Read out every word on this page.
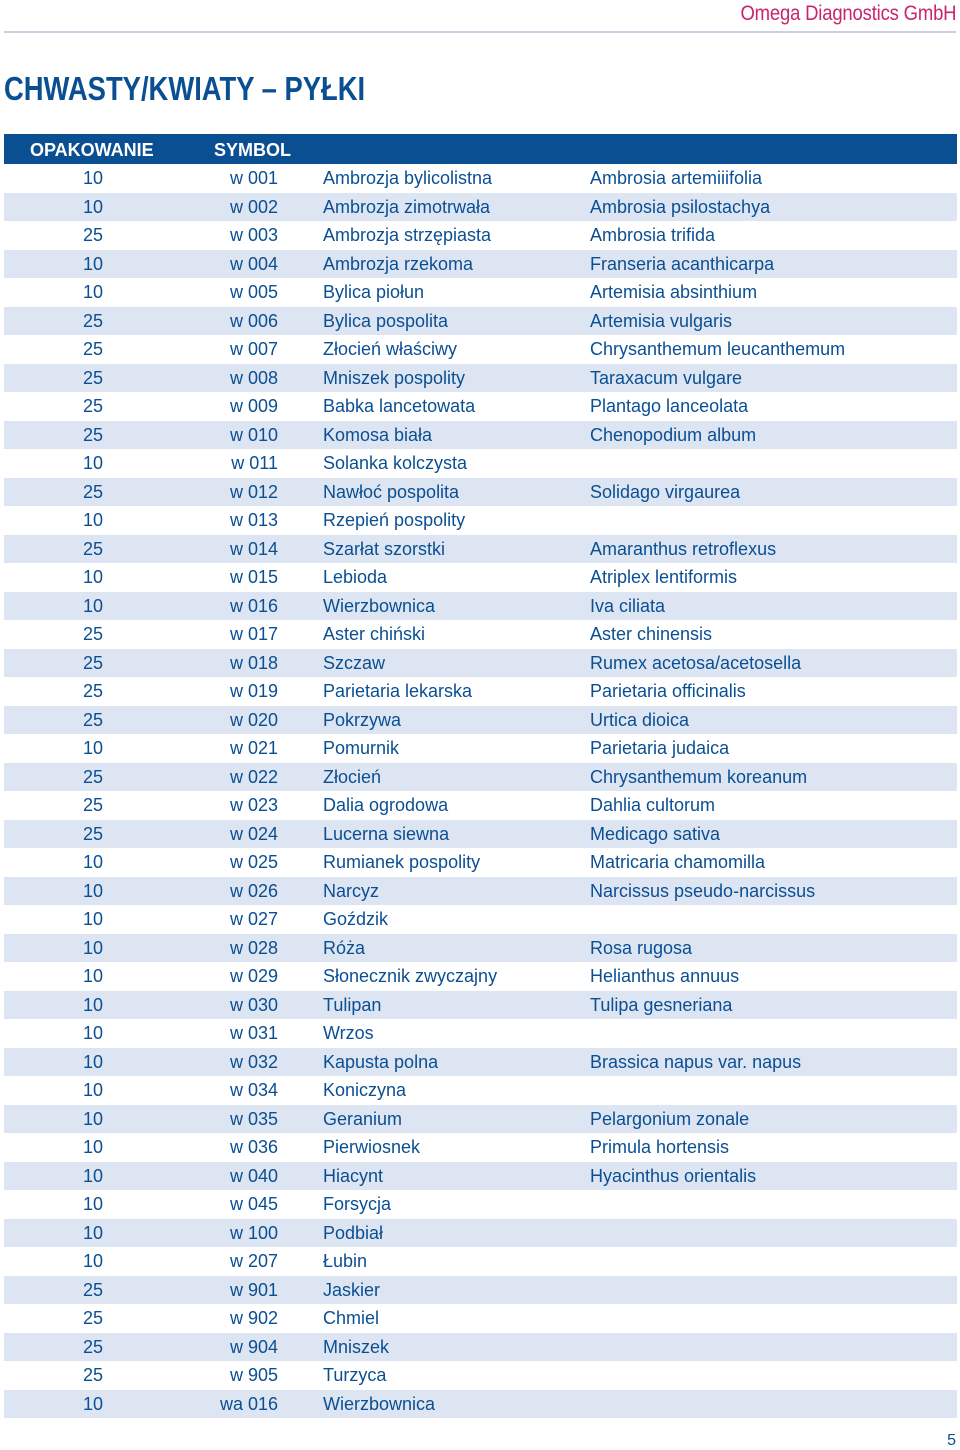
Omega Diagnostics GmbH
CHWASTY/KWIATY – PYŁKI
OPAKOWANIE	SYMBOL
10	w 001	Ambrozja bylicolistna	Ambrosia artemiiifolia
10	w 002	Ambrozja zimotrwała	Ambrosia psilostachya
25	w 003	Ambrozja strzępiasta	Ambrosia trifida
10	w 004	Ambrozja rzekoma	Franseria acanthicarpa
10	w 005	Bylica piołun	Artemisia absinthium
25	w 006	Bylica pospolita	Artemisia vulgaris
25	w 007	Złocień właściwy	Chrysanthemum leucanthemum
25	w 008	Mniszek pospolity	Taraxacum vulgare
25	w 009	Babka lancetowata	Plantago lanceolata
25	w 010	Komosa biała	Chenopodium album
10	w 011	Solanka kolczysta
25	w 012	Nawłoć pospolita	Solidago virgaurea
10	w 013	Rzepień pospolity
25	w 014	Szarłat szorstki	Amaranthus retroflexus
10	w 015	Lebioda	Atriplex lentiformis
10	w 016	Wierzbownica	Iva ciliata
25	w 017	Aster chiński	Aster chinensis
25	w 018	Szczaw	Rumex acetosa/acetosella
25	w 019	Parietaria lekarska	Parietaria officinalis
25	w 020	Pokrzywa	Urtica dioica
10	w 021	Pomurnik	Parietaria judaica
25	w 022	Złocień	Chrysanthemum koreanum
25	w 023	Dalia ogrodowa	Dahlia cultorum
25	w 024	Lucerna siewna	Medicago sativa
10	w 025	Rumianek pospolity	Matricaria chamomilla
10	w 026	Narcyz	Narcissus pseudo-narcissus
10	w 027	Goździk
10	w 028	Róża	Rosa rugosa
10	w 029	Słonecznik zwyczajny	Helianthus annuus
10	w 030	Tulipan	Tulipa gesneriana
10	w 031	Wrzos
10	w 032	Kapusta polna	Brassica napus var. napus
10	w 034	Koniczyna
10	w 035	Geranium	Pelargonium zonale
10	w 036	Pierwiosnek	Primula hortensis
10	w 040	Hiacynt	Hyacinthus orientalis
10	w 045	Forsycja
10	w 100	Podbiał
10	w 207	Łubin
25	w 901	Jaskier
25	w 902	Chmiel
25	w 904	Mniszek
25	w 905	Turzyca
10	wa 016	Wierzbownica
5
